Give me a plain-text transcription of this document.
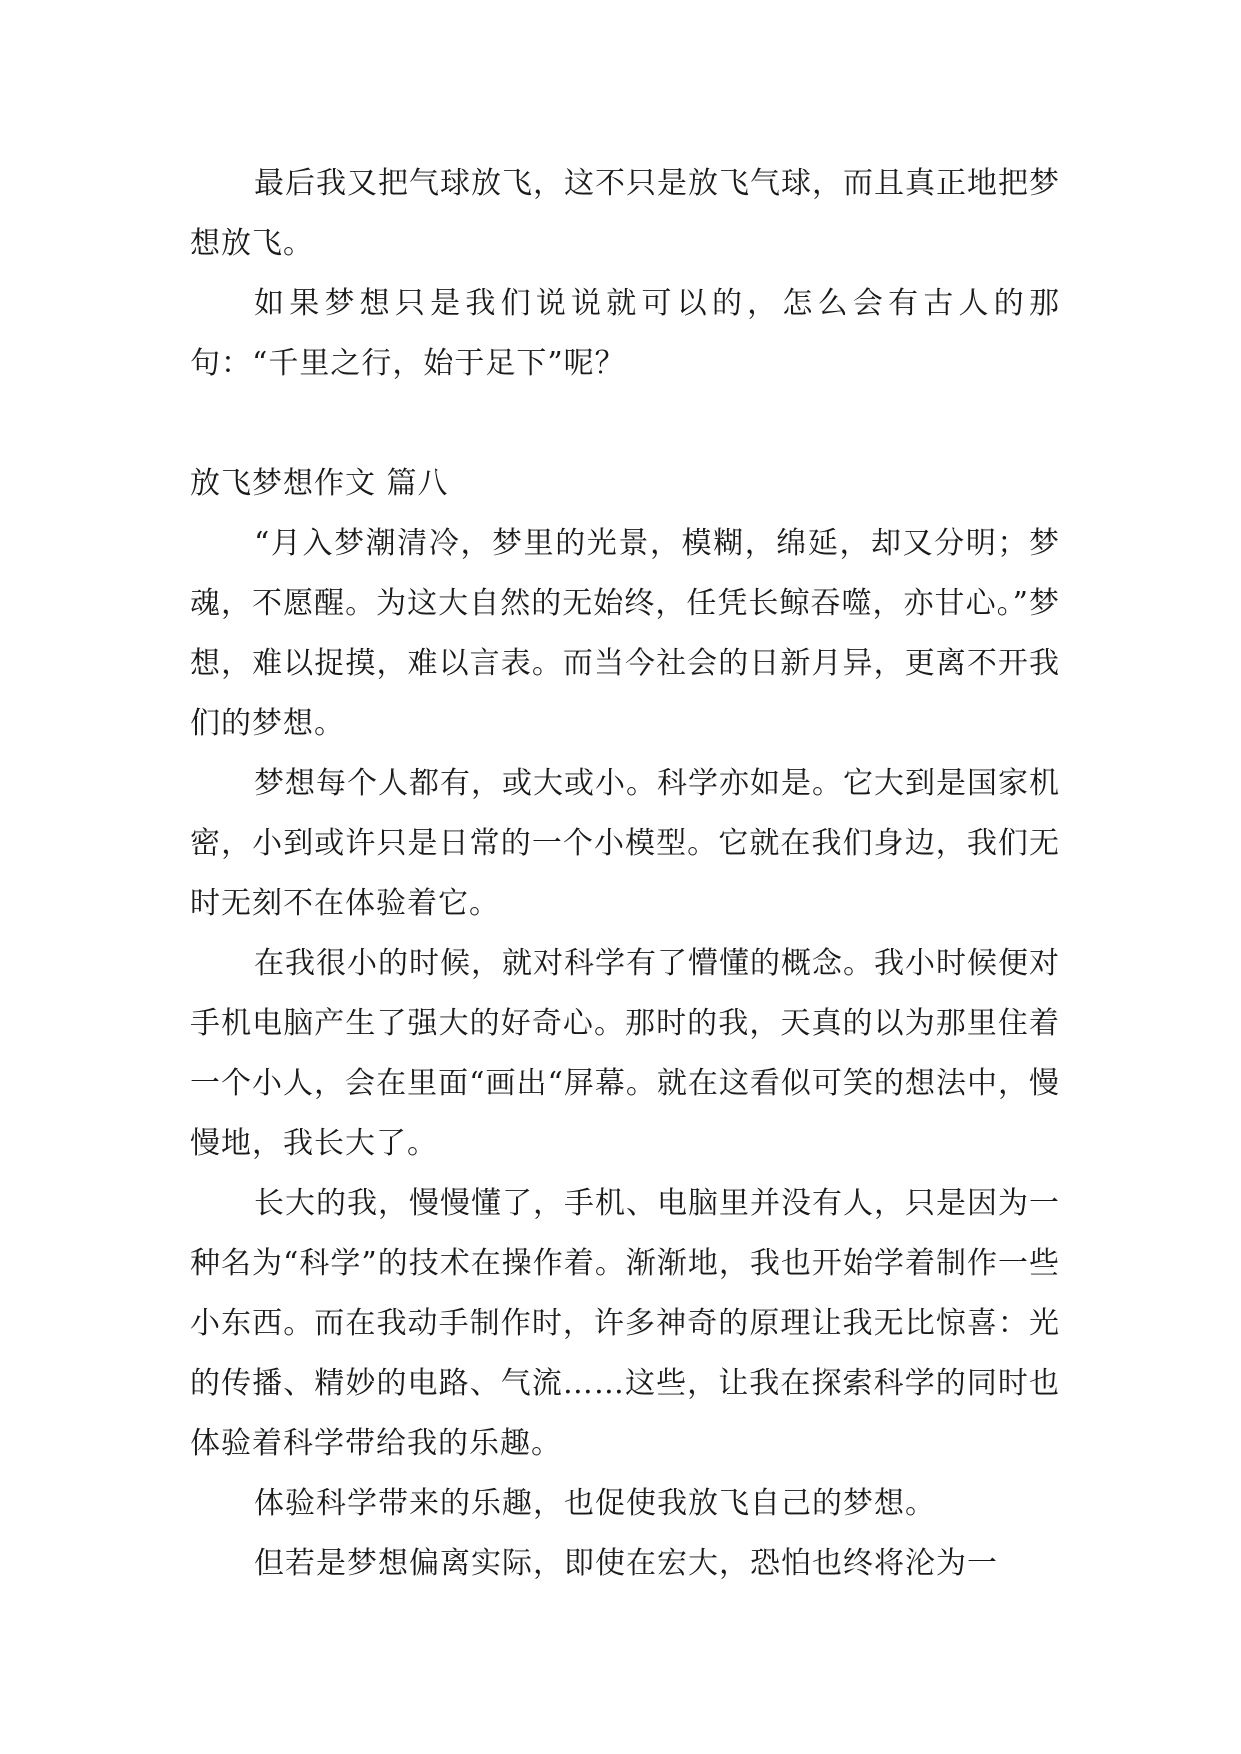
最后我又把气球放飞，这不只是放飞气球，而且真正地把梦想放飞。

如果梦想只是我们说说就可以的，怎么会有古人的那句：“千里之行，始于足下”呢？

放飞梦想作文 篇八

“月入梦潮清冷，梦里的光景，模糊，绵延，却又分明；梦魂，不愿醒。为这大自然的无始终，任凭长鲸吞噬，亦甘心。”梦想，难以捉摸，难以言表。而当今社会的日新月异，更离不开我们的梦想。

梦想每个人都有，或大或小。科学亦如是。它大到是国家机密，小到或许只是日常的一个小模型。它就在我们身边，我们无时无刻不在体验着它。

在我很小的时候，就对科学有了懵懂的概念。我小时候便对手机电脑产生了强大的好奇心。那时的我，天真的以为那里住着一个小人，会在里面“画出“屏幕。就在这看似可笑的想法中，慢慢地，我长大了。

长大的我，慢慢懂了，手机、电脑里并没有人，只是因为一种名为“科学”的技术在操作着。渐渐地，我也开始学着制作一些小东西。而在我动手制作时，许多神奇的原理让我无比惊喜：光的传播、精妙的电路、气流……这些，让我在探索科学的同时也体验着科学带给我的乐趣。

体验科学带来的乐趣，也促使我放飞自己的梦想。

但若是梦想偏离实际，即使在宏大，恐怕也终将沦为一
